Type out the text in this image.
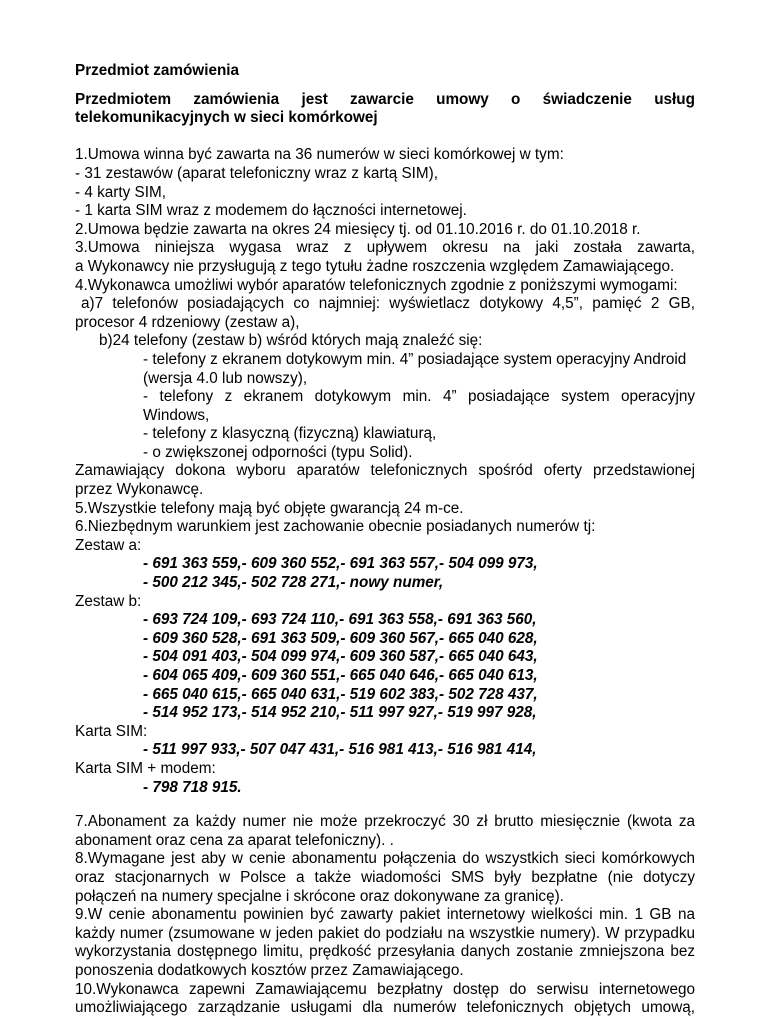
Przedmiot zamówienia
Przedmiotem zamówienia jest zawarcie umowy o świadczenie usług
telekomunikacyjnych w sieci komórkowej
1.Umowa winna być zawarta na 36 numerów w sieci komórkowej w tym:
- 31 zestawów (aparat telefoniczny wraz z kartą SIM),
- 4 karty SIM,
- 1 karta SIM wraz z modemem do łączności internetowej.
2.Umowa będzie zawarta na okres 24 miesięcy tj. od 01.10.2016 r. do 01.10.2018 r.
3.Umowa niniejsza wygasa wraz z upływem okresu na jaki została zawarta,
a Wykonawcy nie przysługują z tego tytułu żadne roszczenia względem Zamawiającego.
4.Wykonawca umożliwi wybór aparatów telefonicznych zgodnie z poniższymi wymogami:
a)7 telefonów posiadających co najmniej: wyświetlacz dotykowy 4,5”, pamięć 2 GB,
procesor 4 rdzeniowy (zestaw a),
b)24 telefony (zestaw b) wśród których mają znaleźć się:
- telefony z ekranem dotykowym min. 4” posiadające system operacyjny Android
(wersja 4.0 lub nowszy),
- telefony z ekranem dotykowym min. 4” posiadające system operacyjny
Windows,
- telefony z klasyczną (fizyczną) klawiaturą,
- o zwiększonej odporności (typu Solid).
Zamawiający dokona wyboru aparatów telefonicznych spośród oferty przedstawionej
przez Wykonawcę.
5.Wszystkie telefony mają być objęte gwarancją 24 m-ce.
6.Niezbędnym warunkiem jest zachowanie obecnie posiadanych numerów tj:
Zestaw a:
- 691 363 559,- 609 360 552,- 691 363 557,- 504 099 973,
- 500 212 345,- 502 728 271,- nowy numer,
Zestaw b:
- 693 724 109,- 693 724 110,- 691 363 558,- 691 363 560,
- 609 360 528,- 691 363 509,- 609 360 567,- 665 040 628,
- 504 091 403,- 504 099 974,- 609 360 587,- 665 040 643,
- 604 065 409,- 609 360 551,- 665 040 646,- 665 040 613,
- 665 040 615,- 665 040 631,- 519 602 383,- 502 728 437,
- 514 952 173,- 514 952 210,- 511 997 927,- 519 997 928,
Karta SIM:
- 511 997 933,- 507 047 431,- 516 981 413,- 516 981 414,
Karta SIM + modem:
- 798 718 915.
7.Abonament za każdy numer nie może przekroczyć 30 zł brutto miesięcznie (kwota za
abonament oraz cena za aparat telefoniczny). .
8.Wymagane jest aby w cenie abonamentu połączenia do wszystkich sieci komórkowych
oraz stacjonarnych w Polsce a także wiadomości SMS były bezpłatne (nie dotyczy
połączeń na numery specjalne i skrócone oraz dokonywane za granicę).
9.W cenie abonamentu powinien być zawarty pakiet internetowy wielkości min. 1 GB na
każdy numer (zsumowane w jeden pakiet do podziału na wszystkie numery). W przypadku
wykorzystania dostępnego limitu, prędkość przesyłania danych zostanie zmniejszona bez
ponoszenia dodatkowych kosztów przez Zamawiającego.
10.Wykonawca zapewni Zamawiającemu bezpłatny dostęp do serwisu internetowego
umożliwiającego zarządzanie usługami dla numerów telefonicznych objętych umową,
